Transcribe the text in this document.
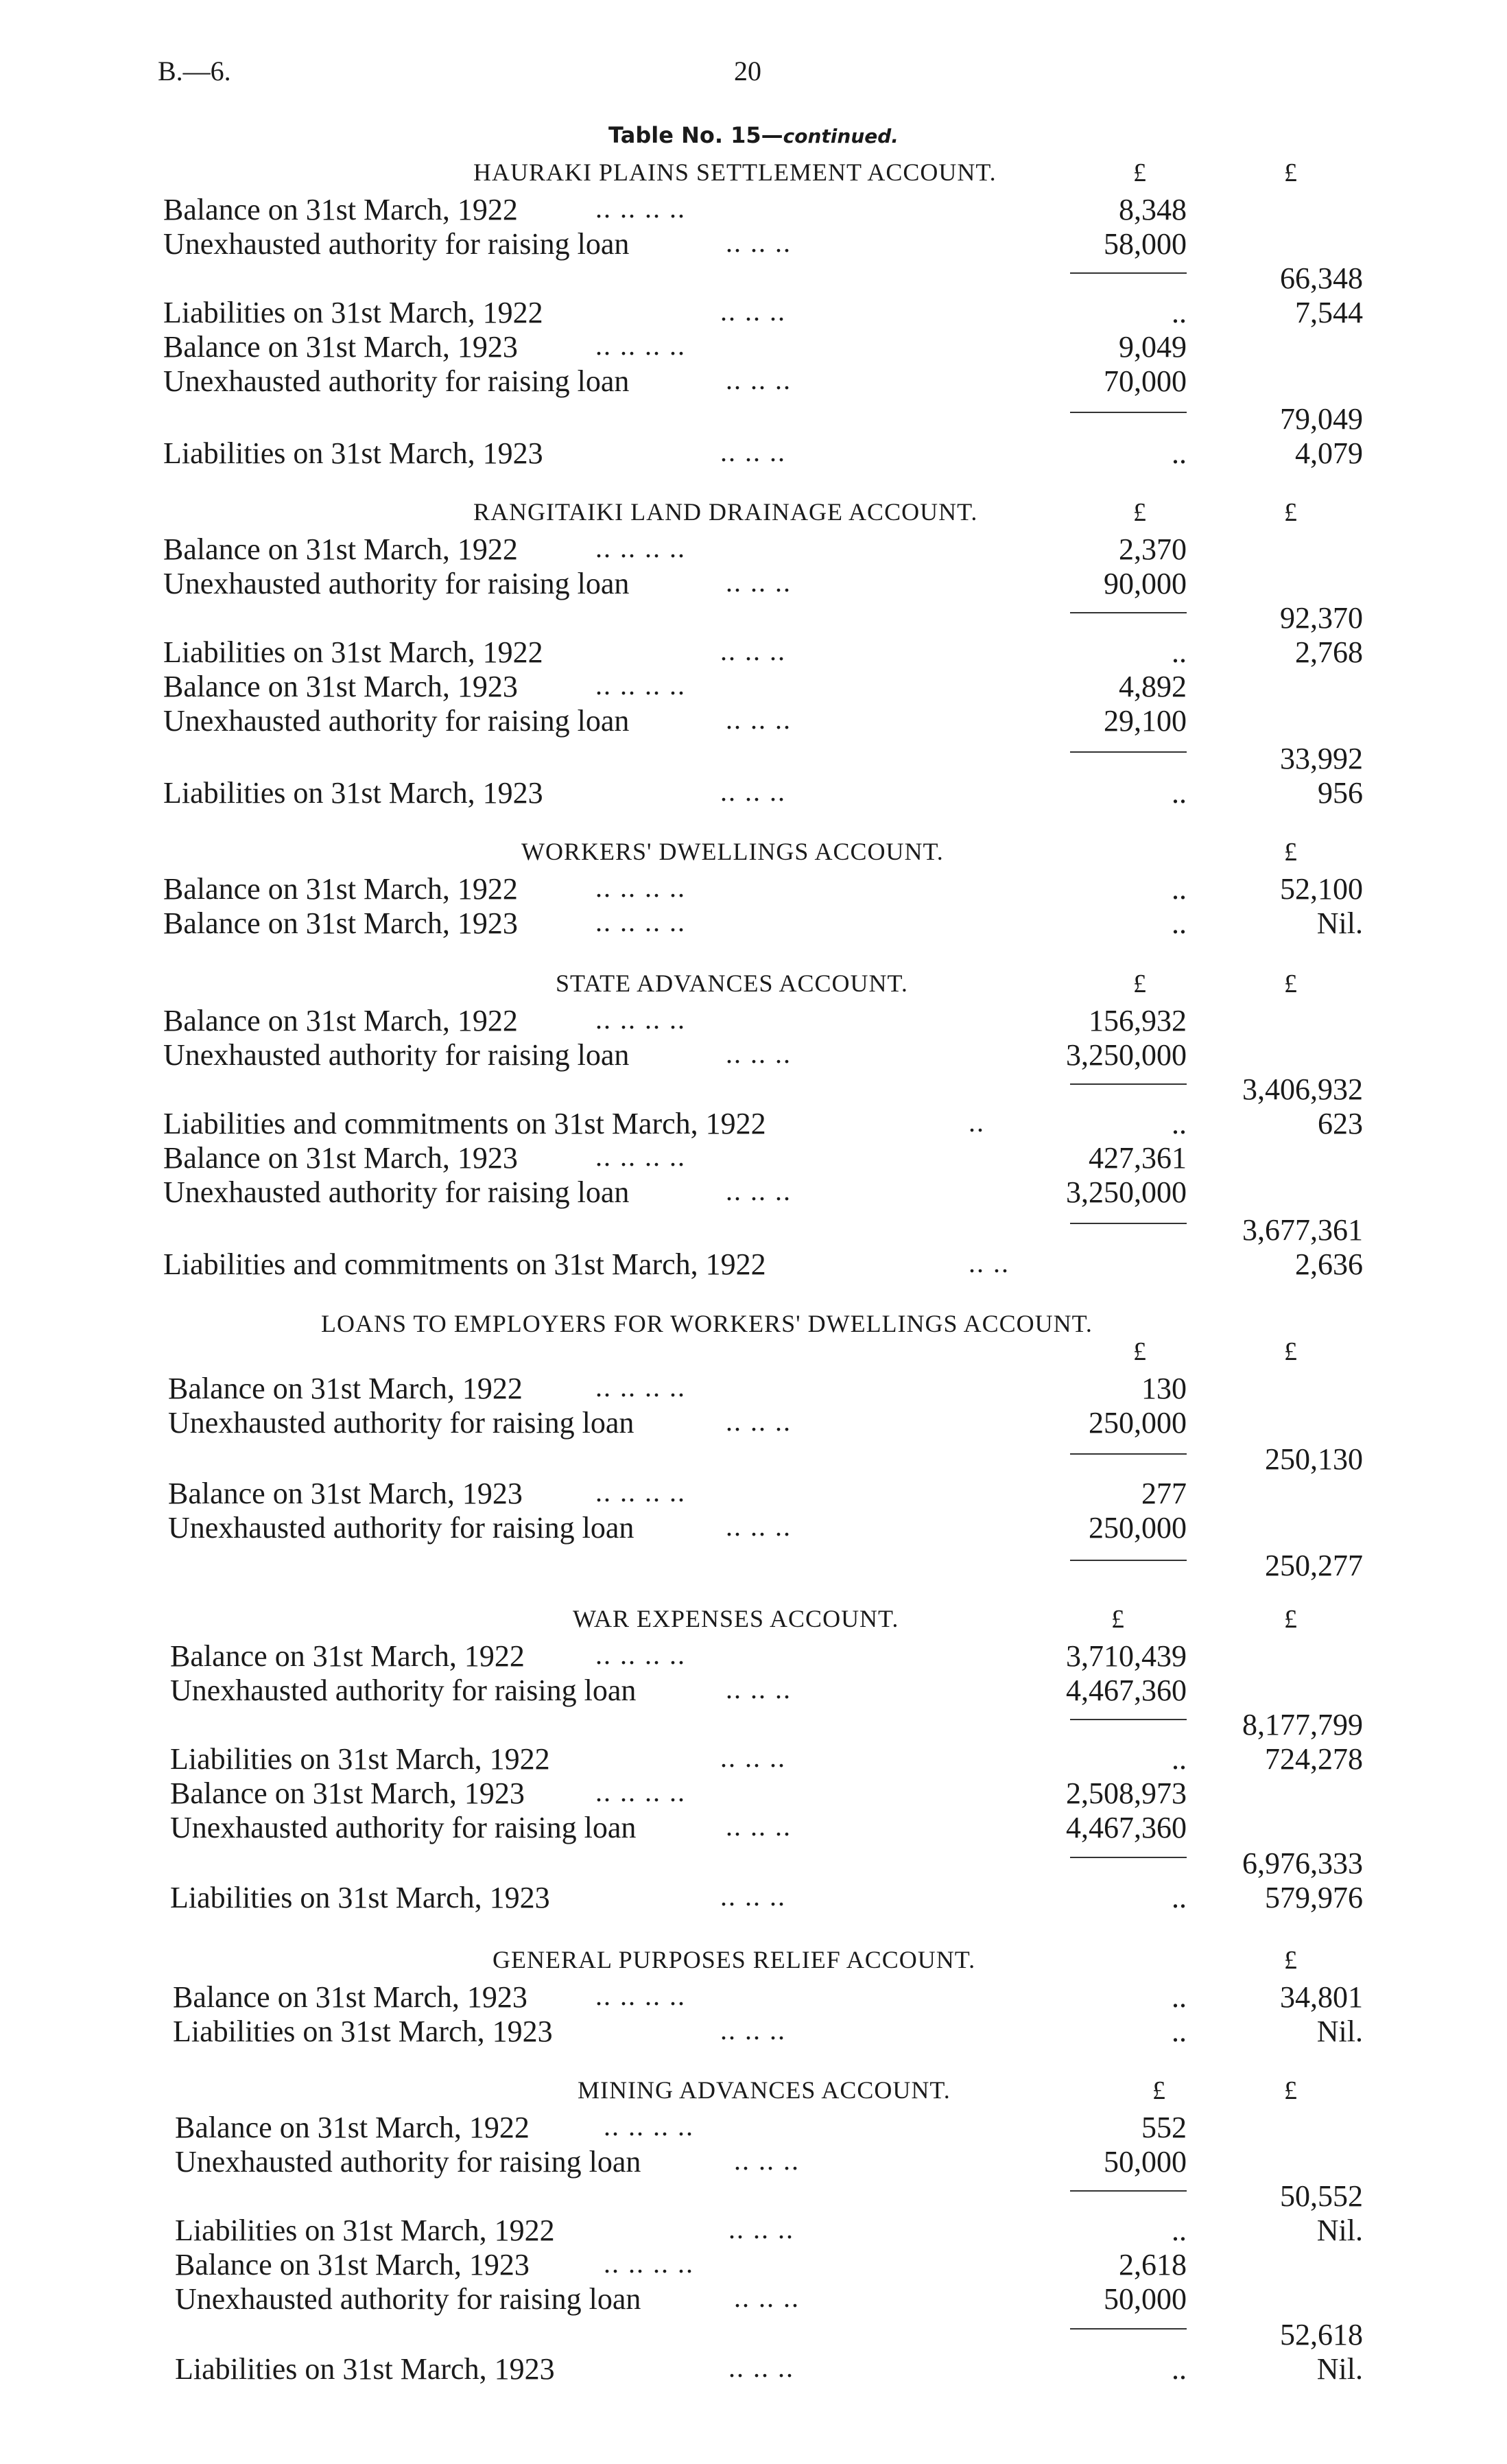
B.—6.	20
Table No. 15—continued.
HAURAKI PLAINS SETTLEMENT ACCOUNT.	£	£
Balance on 31st March, 1922	.. .. .. ..	8,348
Unexhausted authority for raising loan	.. .. ..	58,000
66,348
Liabilities on 31st March, 1922	.. .. ..	..	7,544
Balance on 31st March, 1923	.. .. .. ..	9,049
Unexhausted authority for raising loan	.. .. ..	70,000
79,049
Liabilities on 31st March, 1923	.. .. ..	..	4,079
RANGITAIKI LAND DRAINAGE ACCOUNT.	£	£
Balance on 31st March, 1922	.. .. .. ..	2,370
Unexhausted authority for raising loan	.. .. ..	90,000
92,370
Liabilities on 31st March, 1922	.. .. ..	..	2,768
Balance on 31st March, 1923	.. .. .. ..	4,892
Unexhausted authority for raising loan	.. .. ..	29,100
33,992
Liabilities on 31st March, 1923	.. .. ..	..	956
WORKERS' DWELLINGS ACCOUNT.	£
Balance on 31st March, 1922	.. .. .. ..	..	52,100
Balance on 31st March, 1923	.. .. .. ..	..	Nil.
STATE ADVANCES ACCOUNT.	£	£
Balance on 31st March, 1922	.. .. .. ..	156,932
Unexhausted authority for raising loan	.. .. ..	3,250,000
3,406,932
Liabilities and commitments on 31st March, 1922	..	..	623
Balance on 31st March, 1923	.. .. .. ..	427,361
Unexhausted authority for raising loan	.. .. ..	3,250,000
3,677,361
Liabilities and commitments on 31st March, 1922	.. ..	2,636
LOANS TO EMPLOYERS FOR WORKERS' DWELLINGS ACCOUNT.
£	£
Balance on 31st March, 1922	.. .. .. ..	130
Unexhausted authority for raising loan	.. .. ..	250,000
250,130
Balance on 31st March, 1923	.. .. .. ..	277
Unexhausted authority for raising loan	.. .. ..	250,000
250,277
WAR EXPENSES ACCOUNT.	£	£
Balance on 31st March, 1922	.. .. .. ..	3,710,439
Unexhausted authority for raising loan	.. .. ..	4,467,360
8,177,799
Liabilities on 31st March, 1922	.. .. ..	..	724,278
Balance on 31st March, 1923	.. .. .. ..	2,508,973
Unexhausted authority for raising loan	.. .. ..	4,467,360
6,976,333
Liabilities on 31st March, 1923	.. .. ..	..	579,976
GENERAL PURPOSES RELIEF ACCOUNT.	£
Balance on 31st March, 1923 .. .. .. ..	..	34,801
Liabilities on 31st March, 1923	.. .. ..	..	Nil.
MINING ADVANCES ACCOUNT.	£	£
Balance on 31st March, 1922	.. .. .. ..	552
Unexhausted authority for raising loan	.. .. ..	50,000
50,552
Liabilities on 31st March, 1922	.. .. ..	..	Nil.
Balance on 31st March, 1923	.. .. .. ..	2,618
Unexhausted authority for raising loan	.. .. ..	50,000
52,618
Liabilities on 31st March, 1923	.. .. ..	..	Nil.
